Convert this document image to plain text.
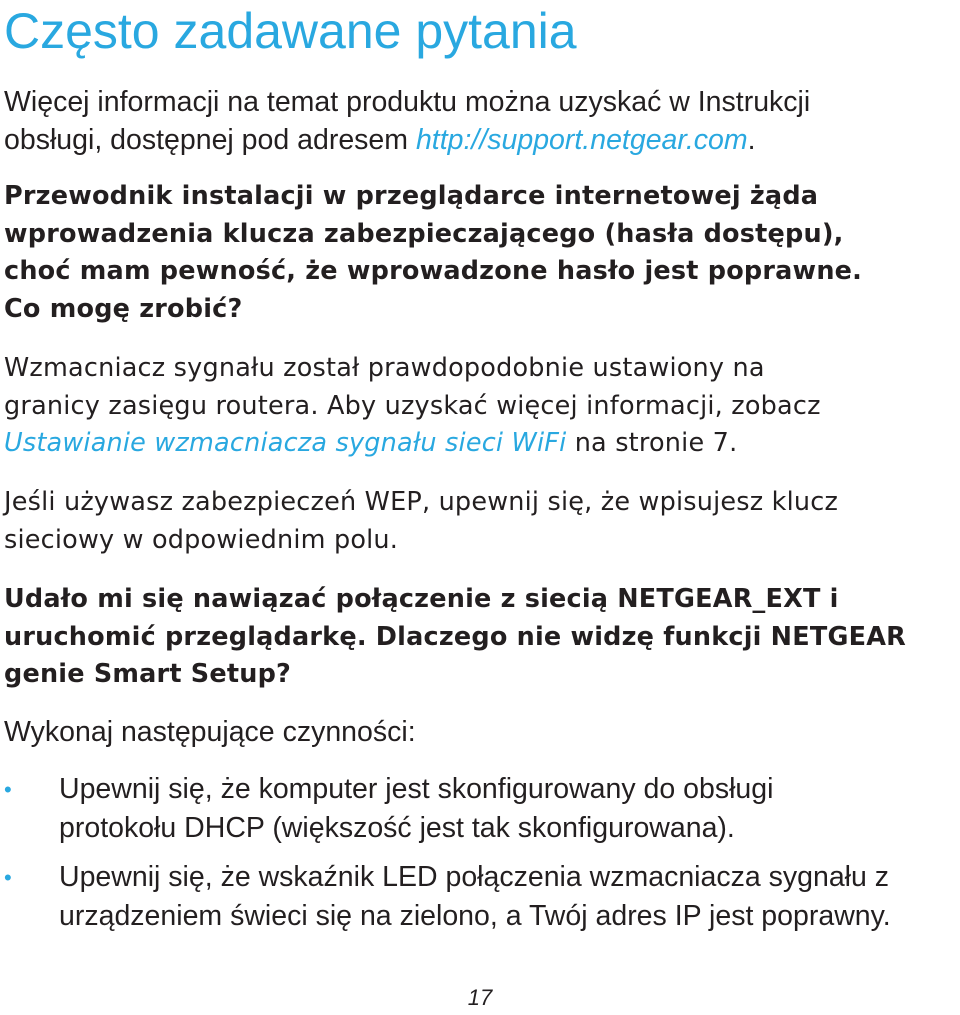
Często zadawane pytania

Więcej informacji na temat produktu można uzyskać w Instrukcji
obsługi, dostępnej pod adresem http://support.netgear.com.

Przewodnik instalacji w przeglądarce internetowej żąda
wprowadzenia klucza zabezpieczającego (hasła dostępu),
choć mam pewność, że wprowadzone hasło jest poprawne.
Co mogę zrobić?

Wzmacniacz sygnału został prawdopodobnie ustawiony na
granicy zasięgu routera. Aby uzyskać więcej informacji, zobacz
Ustawianie wzmacniacza sygnału sieci WiFi na stronie 7.

Jeśli używasz zabezpieczeń WEP, upewnij się, że wpisujesz klucz
sieciowy w odpowiednim polu.

Udało mi się nawiązać połączenie z siecią NETGEAR_EXT i
uruchomić przeglądarkę. Dlaczego nie widzę funkcji NETGEAR
genie Smart Setup?

Wykonaj następujące czynności:

• Upewnij się, że komputer jest skonfigurowany do obsługi
protokołu DHCP (większość jest tak skonfigurowana).
• Upewnij się, że wskaźnik LED połączenia wzmacniacza sygnału z
urządzeniem świeci się na zielono, a Twój adres IP jest poprawny.
17
